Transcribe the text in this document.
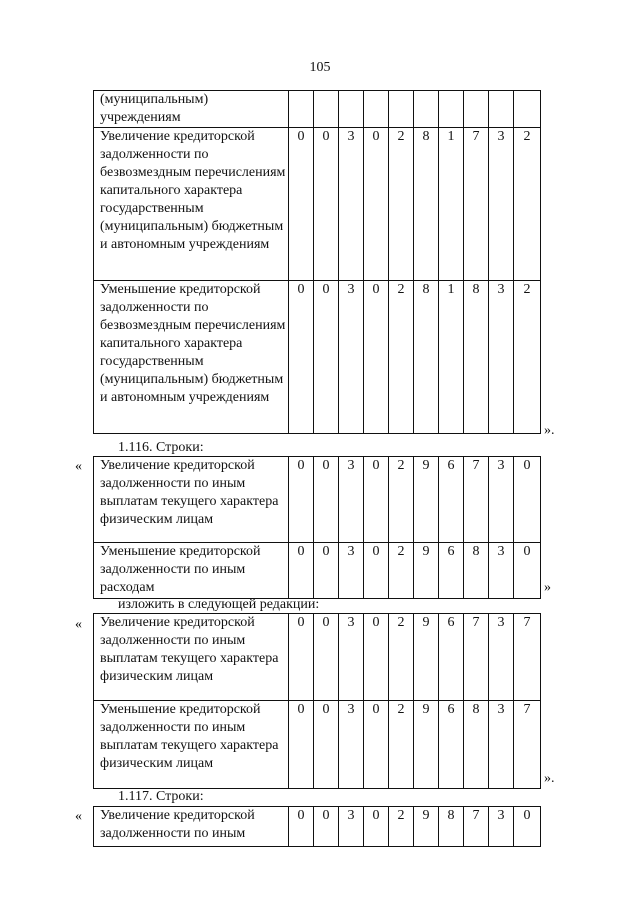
105
(муниципальным) учреждениям										
Увеличение кредиторской задолженности по безвозмездным перечислениям капитального характера государственным (муниципальным) бюджетным и автономным учреждениям	0	0	3	0	2	8	1	7	3	2
Уменьшение кредиторской задолженности по безвозмездным перечислениям капитального характера государственным (муниципальным) бюджетным и автономным учреждениям	0	0	3	0	2	8	1	8	3	2
».
1.116. Строки:
« Увеличение кредиторской задолженности по иным выплатам текущего характера физическим лицам	0	0	3	0	2	9	6	7	3	0
Уменьшение кредиторской задолженности по иным расходам	0	0	3	0	2	9	6	8	3	0
»
изложить в следующей редакции:
« Увеличение кредиторской задолженности по иным выплатам текущего характера физическим лицам	0	0	3	0	2	9	6	7	3	7
Уменьшение кредиторской задолженности по иным выплатам текущего характера физическим лицам	0	0	3	0	2	9	6	8	3	7
».
1.117. Строки:
« Увеличение кредиторской задолженности по иным	0	0	3	0	2	9	8	7	3	0
